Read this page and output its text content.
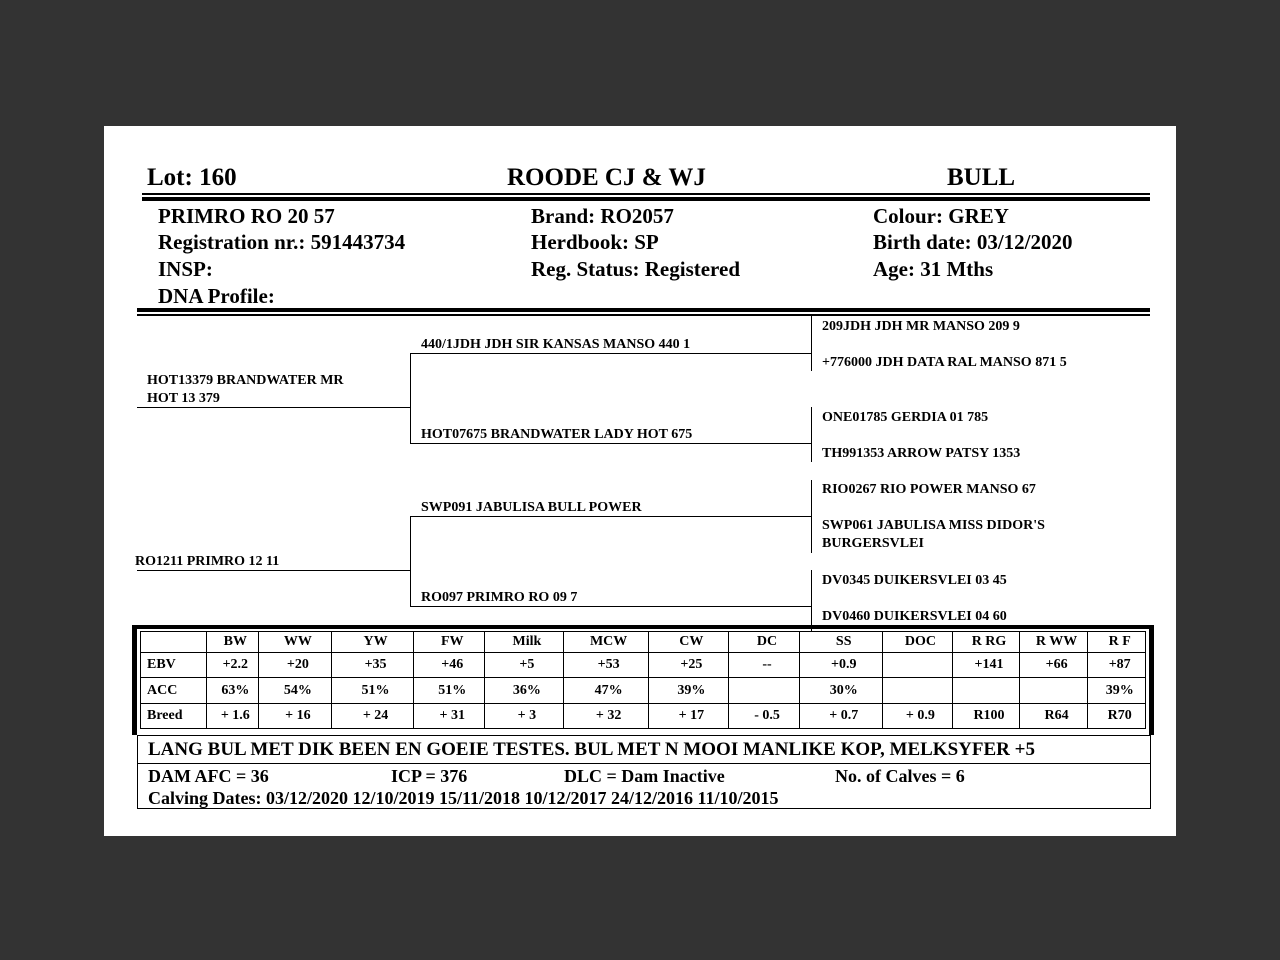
Lot: 160	ROODE CJ & WJ	BULL
PRIMRO RO 20 57
Registration nr.: 591443734
INSP:
DNA Profile:
Brand: RO2057
Herdbook: SP
Reg. Status: Registered
Colour: GREY
Birth date: 03/12/2020
Age: 31 Mths
HOT13379 BRANDWATER MR
HOT 13 379
RO1211 PRIMRO 12 11
440/1JDH JDH SIR KANSAS MANSO 440 1
HOT07675 BRANDWATER LADY HOT 675
SWP091 JABULISA BULL POWER
RO097 PRIMRO RO 09 7
209JDH JDH MR MANSO 209 9
+776000 JDH DATA RAL MANSO 871 5
ONE01785 GERDIA 01 785
TH991353 ARROW PATSY 1353
RIO0267 RIO POWER MANSO 67
SWP061 JABULISA MISS DIDOR'S
BURGERSVLEI
DV0345 DUIKERSVLEI 03 45
DV0460 DUIKERSVLEI 04 60
	BW	WW	YW	FW	Milk	MCW	CW	DC	SS	DOC	R RG	R WW	R F
EBV	+2.2	+20	+35	+46	+5	+53	+25	--	+0.9		+141	+66	+87
ACC	63%	54%	51%	51%	36%	47%	39%		30%				39%
Breed	+ 1.6	+ 16	+ 24	+ 31	+ 3	+ 32	+ 17	- 0.5	+ 0.7	+ 0.9	R100	R64	R70
LANG BUL MET DIK BEEN EN GOEIE TESTES. BUL MET N MOOI MANLIKE KOP, MELKSYFER +5
DAM AFC = 36	ICP = 376	DLC = Dam Inactive	No. of Calves = 6
Calving Dates: 03/12/2020 12/10/2019 15/11/2018 10/12/2017 24/12/2016 11/10/2015
